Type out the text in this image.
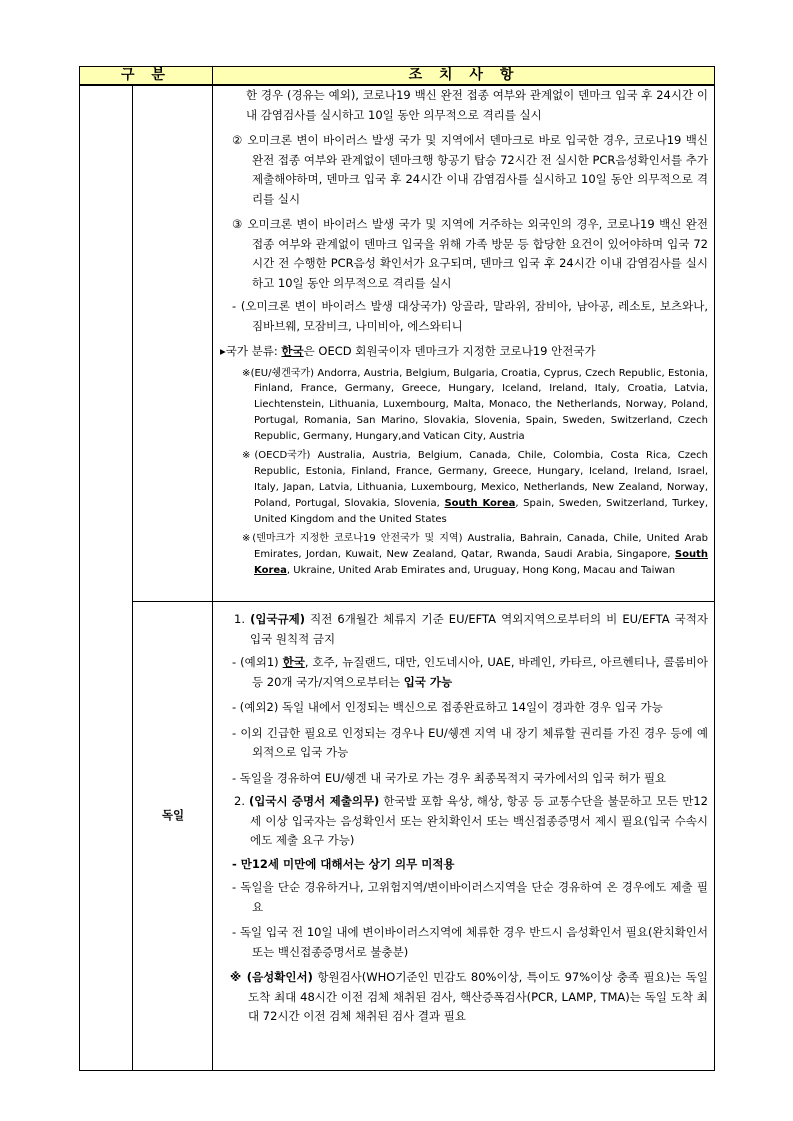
구 분	조 치 사 항

한 경우 (경유는 예외), 코로나19 백신 완전 접종 여부와 관계없이 덴마크 입국 후 24시간 이내 감염검사를 실시하고 10일 동안 의무적으로 격리를 실시

② 오미크론 변이 바이러스 발생 국가 및 지역에서 덴마크로 바로 입국한 경우, 코로나19 백신 완전 접종 여부와 관계없이 덴마크행 항공기 탑승 72시간 전 실시한 PCR음성확인서를 추가 제출해야하며, 덴마크 입국 후 24시간 이내 감염검사를 실시하고 10일 동안 의무적으로 격리를 실시

③ 오미크론 변이 바이러스 발생 국가 및 지역에 거주하는 외국인의 경우, 코로나19 백신 완전 접종 여부와 관계없이 덴마크 입국을 위해 가족 방문 등 합당한 요건이 있어야하며 입국 72시간 전 수행한 PCR음성 확인서가 요구되며, 덴마크 입국 후 24시간 이내 감염검사를 실시하고 10일 동안 의무적으로 격리를 실시

- (오미크론 변이 바이러스 발생 대상국가) 앙골라, 말라위, 잠비아, 남아공, 레소토, 보츠와나, 짐바브웨, 모잠비크, 나미비아, 에스와티니

▸국가 분류: 한국은 OECD 회원국이자 덴마크가 지정한 코로나19 안전국가

※(EU/쉥겐국가) Andorra, Austria, Belgium, Bulgaria, Croatia, Cyprus, Czech Republic, Estonia, Finland, France, Germany, Greece, Hungary, Iceland, Ireland, Italy, Croatia, Latvia, Liechtenstein, Lithuania, Luxembourg, Malta, Monaco, the Netherlands, Norway, Poland, Portugal, Romania, San Marino, Slovakia, Slovenia, Spain, Sweden, Switzerland, Czech Republic, Germany, Hungary,and Vatican City, Austria

※(OECD국가) Australia, Austria, Belgium, Canada, Chile, Colombia, Costa Rica, Czech Republic, Estonia, Finland, France, Germany, Greece, Hungary, Iceland, Ireland, Israel, Italy, Japan, Latvia, Lithuania, Luxembourg, Mexico, Netherlands, New Zealand, Norway, Poland, Portugal, Slovakia, Slovenia, South Korea, Spain, Sweden, Switzerland, Turkey, United Kingdom and the United States

※(덴마크가 지정한 코로나19 안전국가 및 지역) Australia, Bahrain, Canada, Chile, United Arab Emirates, Jordan, Kuwait, New Zealand, Qatar, Rwanda, Saudi Arabia, Singapore, South Korea, Ukraine, United Arab Emirates and, Uruguay, Hong Kong, Macau and Taiwan

독일

1. (입국규제) 직전 6개월간 체류지 기준 EU/EFTA 역외지역으로부터의 비 EU/EFTA 국적자 입국 원칙적 금지

- (예외1) 한국, 호주, 뉴질랜드, 대만, 인도네시아, UAE, 바레인, 카타르, 아르헨티나, 콜롬비아 등 20개 국가/지역으로부터는 입국 가능

- (예외2) 독일 내에서 인정되는 백신으로 접종완료하고 14일이 경과한 경우 입국 가능

- 이외 긴급한 필요로 인정되는 경우나 EU/쉥겐 지역 내 장기 체류할 권리를 가진 경우 등에 예외적으로 입국 가능

- 독일을 경유하여 EU/쉥겐 내 국가로 가는 경우 최종목적지 국가에서의 입국 허가 필요

2. (입국시 증명서 제출의무) 한국발 포함 육상, 해상, 항공 등 교통수단을 불문하고 모든 만12세 이상 입국자는 음성확인서 또는 완치확인서 또는 백신접종증명서 제시 필요(입국 수속시에도 제출 요구 가능)

- 만12세 미만에 대해서는 상기 의무 미적용

- 독일을 단순 경유하거나, 고위험지역/변이바이러스지역을 단순 경유하여 온 경우에도 제출 필요

- 독일 입국 전 10일 내에 변이바이러스지역에 체류한 경우 반드시 음성확인서 필요(완치확인서 또는 백신접종증명서로 불충분)

※ (음성확인서) 항원검사(WHO기준인 민감도 80%이상, 특이도 97%이상 충족 필요)는 독일 도착 최대 48시간 이전 검체 채취된 검사, 핵산증폭검사(PCR, LAMP, TMA)는 독일 도착 최대 72시간 이전 검체 채취된 검사 결과 필요
